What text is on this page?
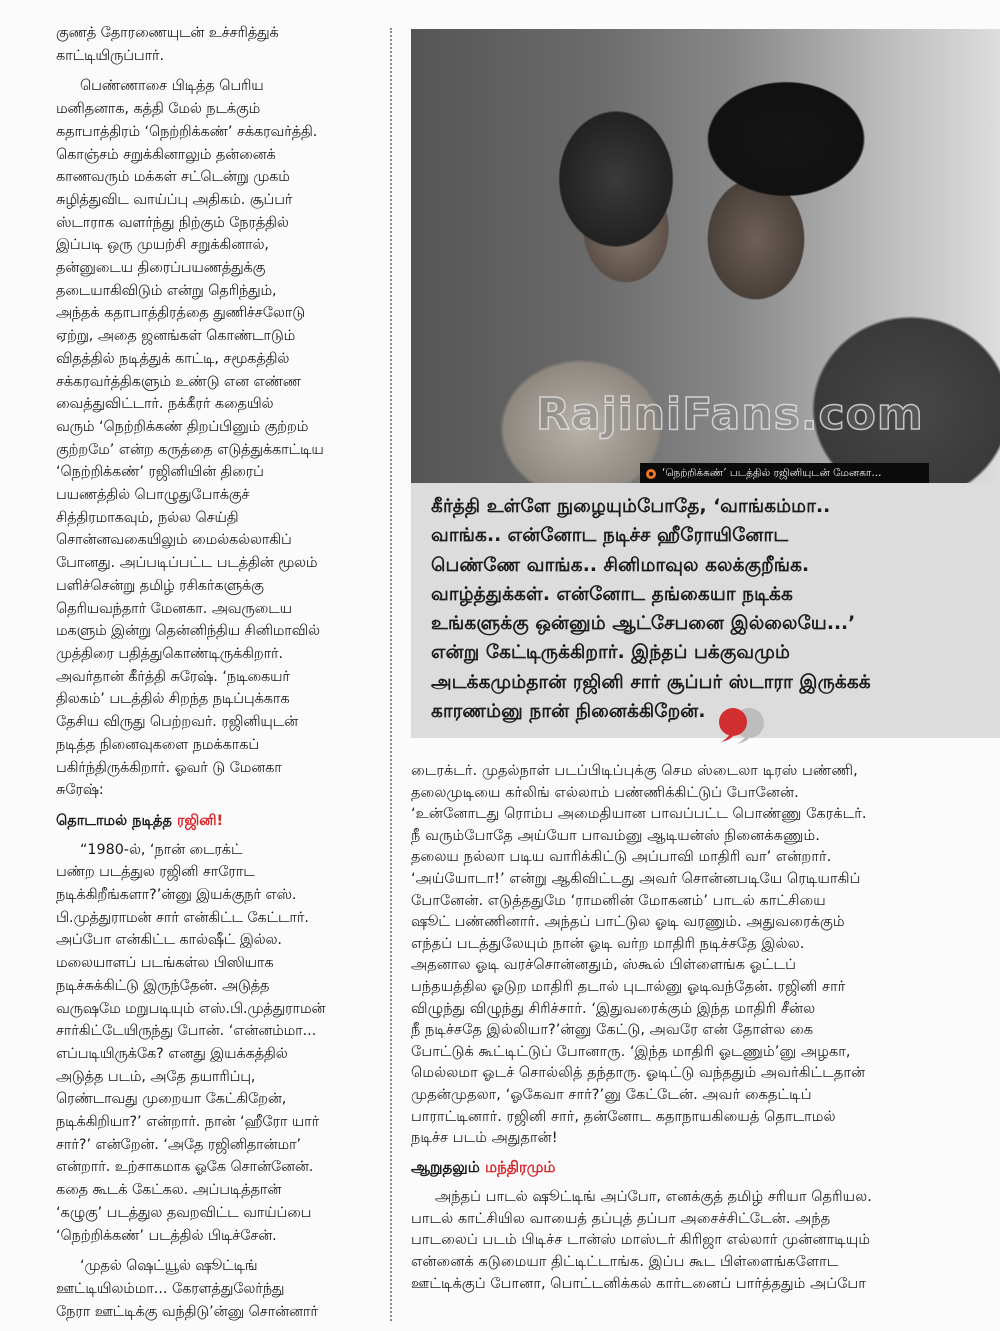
குணத் தோரணையுடன் உச்சரித்துக்
காட்டியிருப்பார்.

பெண்ணாசை பிடித்த பெரிய
மனிதனாக, கத்தி மேல் நடக்கும்
கதாபாத்திரம் ‘நெற்றிக்கண்’ சக்கரவர்த்தி.
கொஞ்சம் சறுக்கினாலும் தன்னைக்
காணவரும் மக்கள் சட்டென்று முகம்
சுழித்துவிட வாய்ப்பு அதிகம். சூப்பர்
ஸ்டாராக வளர்ந்து நிற்கும் நேரத்தில்
இப்படி ஒரு முயற்சி சறுக்கினால்,
தன்னுடைய திரைப்பயணத்துக்கு
தடையாகிவிடும் என்று தெரிந்தும்,
அந்தக் கதாபாத்திரத்தை துணிச்சலோடு
ஏற்று, அதை ஜனங்கள் கொண்டாடும்
விதத்தில் நடித்துக் காட்டி, சமூகத்தில்
சக்கரவர்த்திகளும் உண்டு என எண்ண
வைத்துவிட்டார். நக்கீரர் கதையில்
வரும் ‘நெற்றிக்கண் திறப்பினும் குற்றம்
குற்றமே’ என்ற கருத்தை எடுத்துக்காட்டிய
‘நெற்றிக்கண்’ ரஜினியின் திரைப்
பயணத்தில் பொழுதுபோக்குச்
சித்திரமாகவும், நல்ல செய்தி
சொன்னவகையிலும் மைல்கல்லாகிப்
போனது. அப்படிப்பட்ட படத்தின் மூலம்
பளிச்சென்று தமிழ் ரசிகர்களுக்கு
தெரியவந்தார் மேனகா. அவருடைய
மகளும் இன்று தென்னிந்திய சினிமாவில்
முத்திரை பதித்துகொண்டிருக்கிறார்.
அவர்தான் கீர்த்தி சுரேஷ். ‘நடிகையர்
திலகம்’ படத்தில் சிறந்த நடிப்புக்காக
தேசிய விருது பெற்றவர். ரஜினியுடன்
நடித்த நினைவுகளை நமக்காகப்
பகிர்ந்திருக்கிறார். ஓவர் டு மேனகா
சுரேஷ்:

தொடாமல் நடித்த ரஜினி!

“1980-ல், ‘நான் டைரக்ட்
பண்ற படத்துல ரஜினி சாரோட
நடிக்கிறீங்களா?’ன்னு இயக்குநர் எஸ்.
பி.முத்துராமன் சார் என்கிட்ட கேட்டார்.
அப்போ என்கிட்ட கால்ஷீட் இல்ல.
மலையாளப் படங்கள்ல பிஸியாக
நடிச்சுக்கிட்டு இருந்தேன். அடுத்த
வருஷமே மறுபடியும் எஸ்.பி.முத்துராமன்
சார்கிட்டேயிருந்து போன். ‘என்னம்மா...
எப்படியிருக்கே? எனது இயக்கத்தில்
அடுத்த படம், அதே தயாரிப்பு,
ரெண்டாவது முறையா கேட்கிறேன்,
நடிக்கிறியா?’ என்றார். நான் ‘ஹீரோ யார்
சார்?’ என்றேன். ‘அதே ரஜினிதான்மா’
என்றார். உற்சாகமாக ஓகே சொன்னேன்.
கதை கூடக் கேட்கல. அப்படித்தான்
‘கழுகு’ படத்துல தவறவிட்ட வாய்ப்பை
‘நெற்றிக்கண்’ படத்தில் பிடிச்சேன்.

‘முதல் ஷெட்யூல் ஷூட்டிங்
ஊட்டியிலம்மா... கேரளத்துலேர்ந்து
நேரா ஊட்டிக்கு வந்திடு’ன்னு சொன்னார்

RajiniFans.com
‘நெற்றிக்கண்’ படத்தில் ரஜினியுடன் மேனகா...
கீர்த்தி உள்ளே நுழையும்போதே, ‘வாங்கம்மா..
வாங்க.. என்னோட நடிச்ச ஹீரோயினோட
பெண்ணே வாங்க.. சினிமாவுல கலக்குறீங்க.
வாழ்த்துக்கள். என்னோட தங்கையா நடிக்க
உங்களுக்கு ஒன்னும் ஆட்சேபனை இல்லையே...’
என்று கேட்டிருக்கிறார். இந்தப் பக்குவமும்
அடக்கமும்தான் ரஜினி சார் சூப்பர் ஸ்டாரா இருக்கக்
காரணம்னு நான் நினைக்கிறேன்.

டைரக்டர். முதல்நாள் படப்பிடிப்புக்கு செம ஸ்டைலா டிரஸ் பண்ணி,
தலைமுடியை கர்லிங் எல்லாம் பண்ணிக்கிட்டுப் போனேன்.
‘உன்னோடது ரொம்ப அமைதியான பாவப்பட்ட பொண்ணு கேரக்டர்.
நீ வரும்போதே அய்யோ பாவம்னு ஆடியன்ஸ் நினைக்கணும்.
தலைய நல்லா படிய வாரிக்கிட்டு அப்பாவி மாதிரி வா’ என்றார்.
‘அய்யோடா!’ என்று ஆகிவிட்டது அவர் சொன்னபடியே ரெடியாகிப்
போனேன். எடுத்ததுமே ‘ராமனின் மோகனம்’ பாடல் காட்சியை
ஷூட் பண்ணினார். அந்தப் பாட்டுல ஓடி வரணும். அதுவரைக்கும்
எந்தப் படத்துலேயும் நான் ஓடி வர்ற மாதிரி நடிச்சதே இல்ல.
அதனால ஓடி வரச்சொன்னதும், ஸ்கூல் பிள்ளைங்க ஓட்டப்
பந்தயத்தில ஓடுற மாதிரி தடால் புடால்னு ஓடிவந்தேன். ரஜினி சார்
விழுந்து விழுந்து சிரிச்சார். ‘இதுவரைக்கும் இந்த மாதிரி சீன்ல
நீ நடிச்சதே இல்லியா?’ன்னு கேட்டு, அவரே என் தோள்ல கை
போட்டுக் கூட்டிட்டுப் போனாரு. ‘இந்த மாதிரி ஓடணும்’னு அழகா,
மெல்லமா ஓடச் சொல்லித் தந்தாரு. ஓடிட்டு வந்ததும் அவர்கிட்டதான்
முதன்முதலா, ‘ஓகேவா சார்?’னு கேட்டேன். அவர் கைதட்டிப்
பாராட்டினார். ரஜினி சார், தன்னோட கதாநாயகியைத் தொடாமல்
நடிச்ச படம் அதுதான்!

ஆறுதலும் மந்திரமும்

அந்தப் பாடல் ஷூட்டிங் அப்போ, எனக்குத் தமிழ் சரியா தெரியல.
பாடல் காட்சியில வாயைத் தப்புத் தப்பா அசைச்சிட்டேன். அந்த
பாடலைப் படம் பிடிச்ச டான்ஸ் மாஸ்டர் கிரிஜா எல்லார் முன்னாடியும்
என்னைக் கடுமையா திட்டிட்டாங்க. இப்ப கூட பிள்ளைங்களோட
ஊட்டிக்குப் போனா, பொட்டனிக்கல் கார்டனைப் பார்த்ததும் அப்போ
